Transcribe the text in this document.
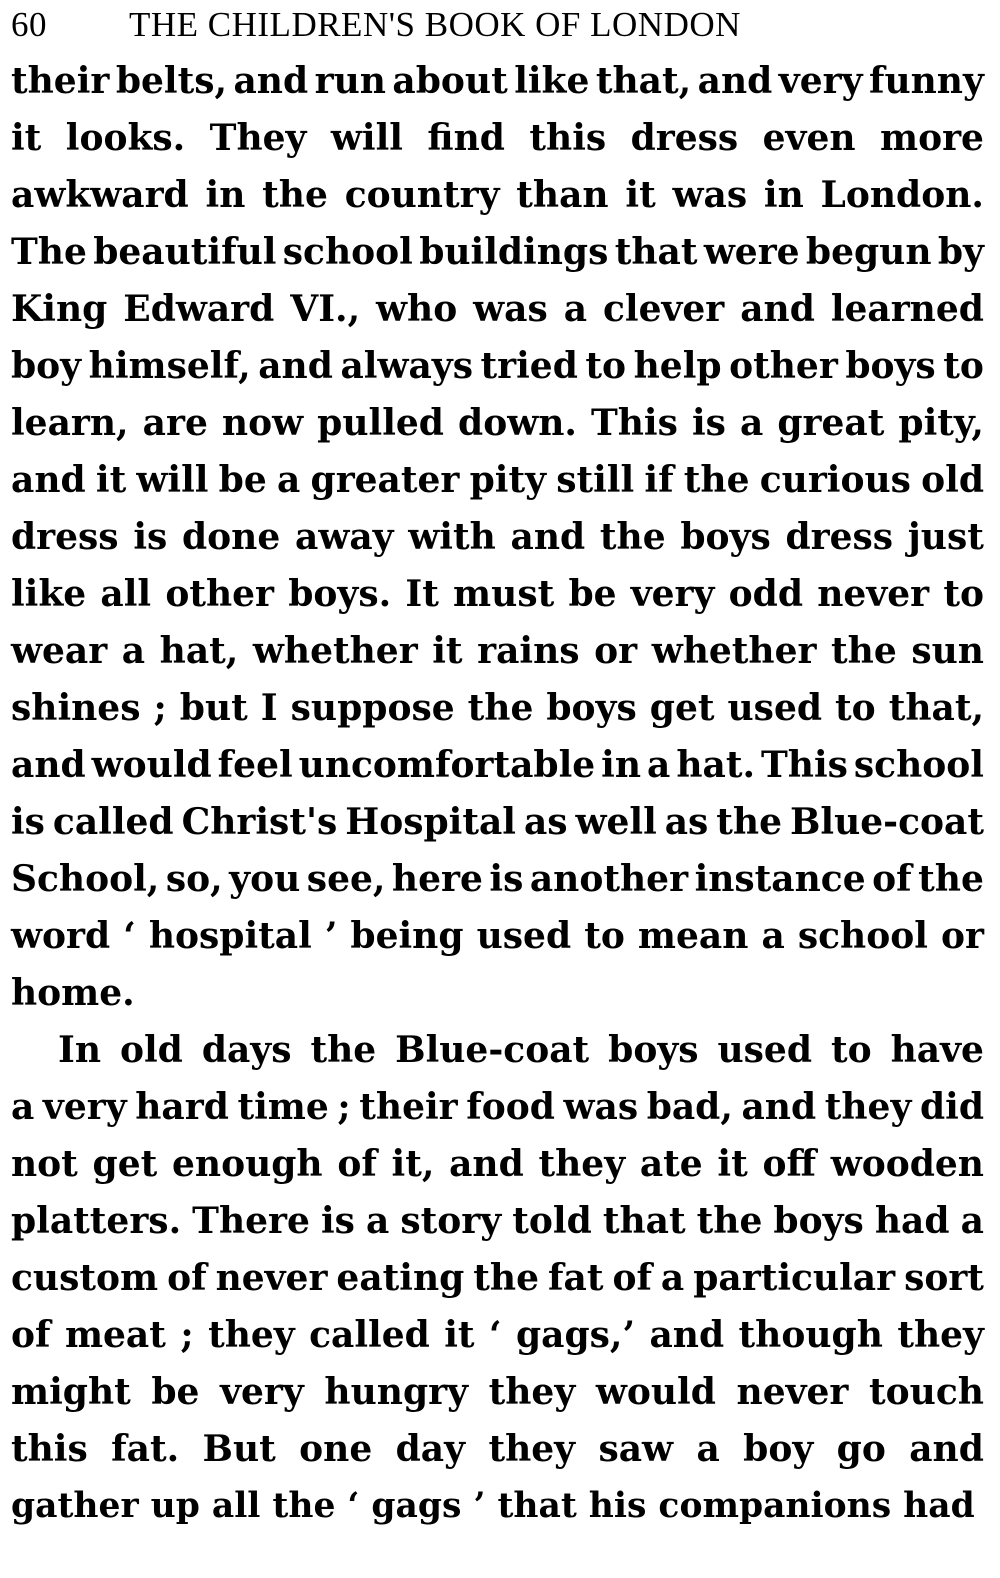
60	THE CHILDREN'S BOOK OF LONDON
their belts, and run about like that, and very funny
it looks. They will find this dress even more
awkward in the country than it was in London.
The beautiful school buildings that were begun by
King Edward VI., who was a clever and learned
boy himself, and always tried to help other boys to
learn, are now pulled down. This is a great pity,
and it will be a greater pity still if the curious old
dress is done away with and the boys dress just
like all other boys. It must be very odd never to
wear a hat, whether it rains or whether the sun
shines ; but I suppose the boys get used to that,
and would feel uncomfortable in a hat. This school
is called Christ's Hospital as well as the Blue-coat
School, so, you see, here is another instance of the
word ‘ hospital ’ being used to mean a school or
home.
In old days the Blue-coat boys used to have
a very hard time ; their food was bad, and they did
not get enough of it, and they ate it off wooden
platters. There is a story told that the boys had a
custom of never eating the fat of a particular sort
of meat ; they called it ‘ gags,’ and though they
might be very hungry they would never touch
this fat. But one day they saw a boy go and
gather up all the ‘ gags ’ that his companions had
